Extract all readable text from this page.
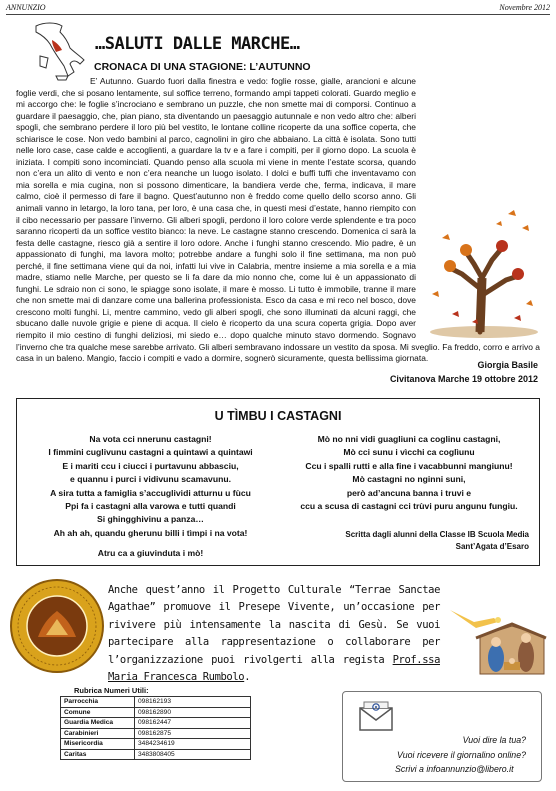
ANNUNZIO	Novembre 2012
…SALUTI DALLE MARCHE…
CRONACA DI UNA STAGIONE: L’AUTUNNO

E’ Autunno. Guardo fuori dalla finestra e vedo: foglie rosse, gialle, arancioni e alcune foglie verdi, che si posano lentamente, sul soffice terreno, formando ampi tappeti colorati. Guardo meglio e mi accorgo che: le foglie s’incrociano e sembrano un puzzle, che non smette mai di comporsi. Continuo a guardare il paesaggio, che, pian piano, sta diventando un paesaggio autunnale e non vedo altro che: alberi spogli, che sembrano perdere il loro più bel vestito, le lontane colline ricoperte da una soffice coperta, che schiarisce le cose. Non vedo bambini al parco, cagnolini in giro che abbaiano. La città è isolata. Sono tutti nelle loro case, case calde e accoglienti, a guardare la tv e a fare i compiti, per il giorno dopo. La scuola è iniziata. I compiti sono incominciati. Quando penso alla scuola mi viene in mente l’estate scorsa, quando non c’era un alito di vento e non c’era neanche un luogo isolato. I dolci e buffi tuffi che inventavamo con mia sorella e mia cugina, non si possono dimenticare, la bandiera verde che, ferma, indicava, il mare calmo, cioè il permesso di fare il bagno. Quest’autunno non è freddo come quello dello scorso anno. Gli animali vanno in letargo, la loro tana, per loro, è una casa che, in questi mesi d’estate, hanno riempito con il cibo necessario per passare l’inverno. Gli alberi spogli, perdono il loro colore verde splendente e tra poco saranno ricoperti da un soffice vestito bianco: la neve. Le castagne stanno crescendo. Domenica ci sarà la festa delle castagne, riesco già a sentire il loro odore. Anche i funghi stanno crescendo. Mio padre, è un appassionato di funghi, ma lavora molto; potrebbe andare a funghi solo il fine settimana, ma non può perché, il fine settimana viene qui da noi, infatti lui vive in Calabria, mentre insieme a mia sorella e a mia madre, stiamo nelle Marche, per questo se li fa dare da mio nonno che, come lui è un appassionato di funghi. Le sdraio non ci sono, le spiagge sono isolate, il mare è mosso. Li tutto è immobile, tranne il mare che non smette mai di danzare come una ballerina professionista. Esco da casa e mi reco nel bosco, dove crescono molti funghi. Li, mentre cammino, vedo gli alberi spogli, che sono illuminati da alcuni raggi, che sbucano dalle nuvole grigie e piene di acqua. Il cielo è ricoperto da una scura coperta grigia. Dopo aver riempito il mio cestino di funghi deliziosi, mi siedo e… dopo qualche minuto stavo dormendo. Sognavo l’inverno che tra qualche mese sarebbe arrivato. Gli alberi sembravano indossare un vestito da sposa. Mi sveglio. Fa freddo, corro e arrivo a casa in un baleno. Mangio, faccio i compiti e vado a dormire, sognerò sicuramente, questa bellissima giornata.

Giorgia Basile
Civitanova Marche 19 ottobre 2012
U TÌMBU I CASTAGNI
Na vota cci nnerunu castagni!
I fimmini cuglivunu castagni a quintawi a quintawi
E i mariti ccu i ciucci i purtavunu abbasciu,
e quannu i purci i vidivunu scamavunu.
A sira tutta a famiglia s’accuglividi atturnu u fùcu
Ppi fa i castagni alla varowa e tutti quandi
Si ghingghivinu a panza…
Ah ah ah, quandu gherunu billi i tìmpi i na vota!
Atru ca a giuvinduta i mò!
Mò no nni vidi guagliuni ca coglinu castagni,
Mò cci sunu i vìcchi ca coglìunu
Ccu i spalli rutti e alla fine i vacabbunni mangiunu!
Mò castagni no nginni suni,
però ad’ancuna banna i truvi e
ccu a scusa di castagni cci trùvi puru angunu fungiu.
Scritta dagli alunni della Classe IB Scuola Media
Sant’Agata d’Esaro
Anche quest’anno il Progetto Culturale “Terrae Sanctae Agathae” promuove il Presepe Vivente, un’occasione per rivivere più intensamente la nascita di Gesù. Se vuoi partecipare alla rappresentazione o collaborare per l’organizzazione puoi rivolgerti alla regista Prof.ssa Maria Francesca Rumbolo.
Rubrica Numeri Utili:
Parrocchia	098162193
Comune	098162890
Guardia Medica	098162447
Carabinieri	098162875
Misericordia	3484234619
Caritas	3483808405
Vuoi dire la tua?
Vuoi ricevere il giornalino online?
Scrivi a infoannunzio@libero.it
